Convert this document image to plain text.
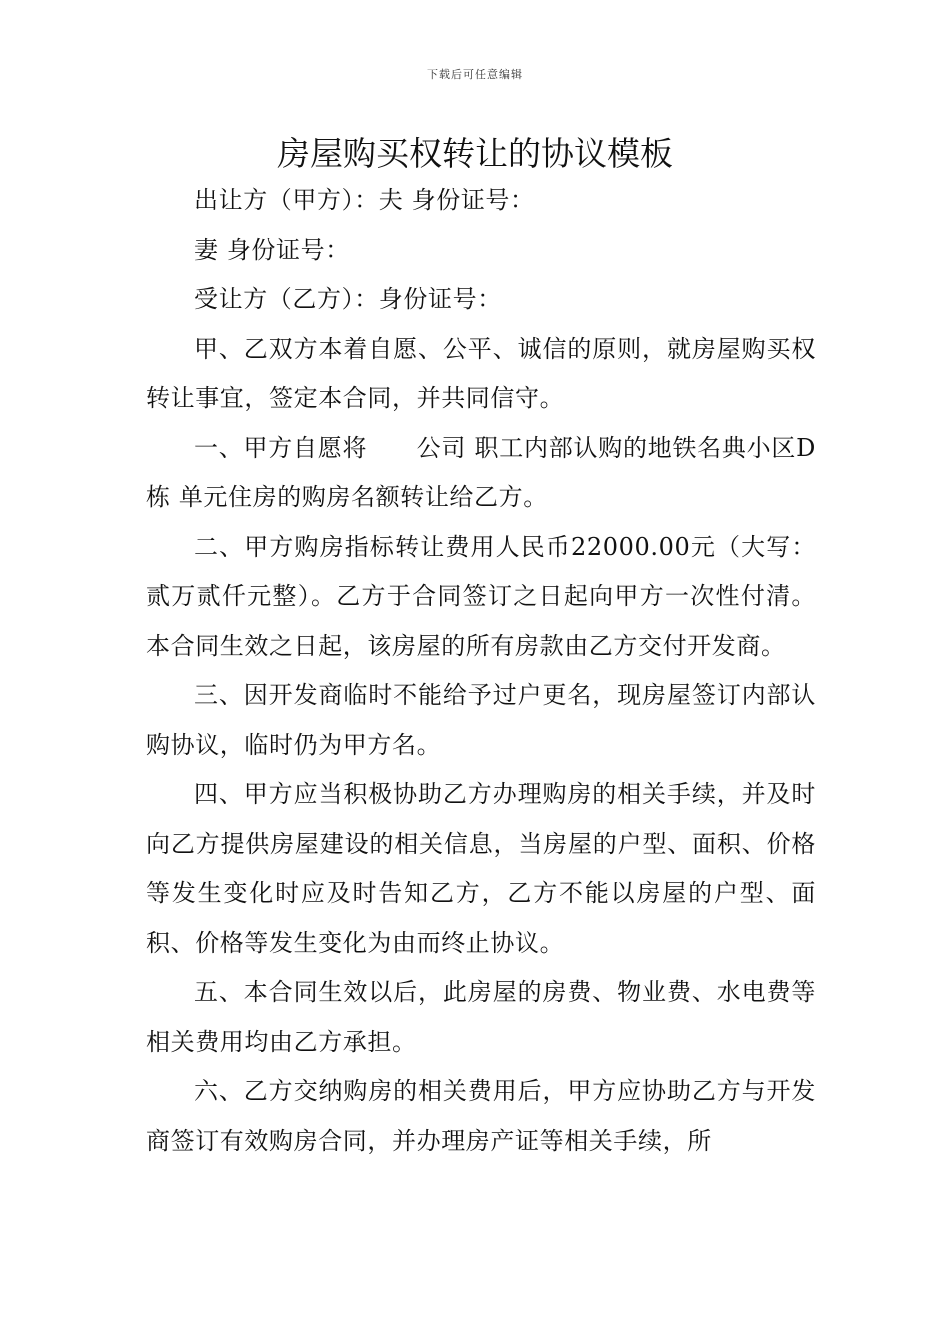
下载后可任意编辑
房屋购买权转让的协议模板

出让方（甲方）：夫 身份证号：

妻 身份证号：

受让方（乙方）：身份证号：

甲、乙双方本着自愿、公平、诚信的原则，就房屋购买权转让事宜，签定本合同，并共同信守。

一、甲方自愿将　　公司 职工内部认购的地铁名典小区D 栋 单元住房的购房名额转让给乙方。

二、甲方购房指标转让费用人民币22000.00元（大写：贰万贰仟元整）。乙方于合同签订之日起向甲方一次性付清。本合同生效之日起，该房屋的所有房款由乙方交付开发商。

三、因开发商临时不能给予过户更名，现房屋签订内部认购协议，临时仍为甲方名。

四、甲方应当积极协助乙方办理购房的相关手续，并及时向乙方提供房屋建设的相关信息，当房屋的户型、面积、价格等发生变化时应及时告知乙方，乙方不能以房屋的户型、面积、价格等发生变化为由而终止协议。

五、本合同生效以后，此房屋的房费、物业费、水电费等相关费用均由乙方承担。

六、乙方交纳购房的相关费用后，甲方应协助乙方与开发商签订有效购房合同，并办理房产证等相关手续，所
